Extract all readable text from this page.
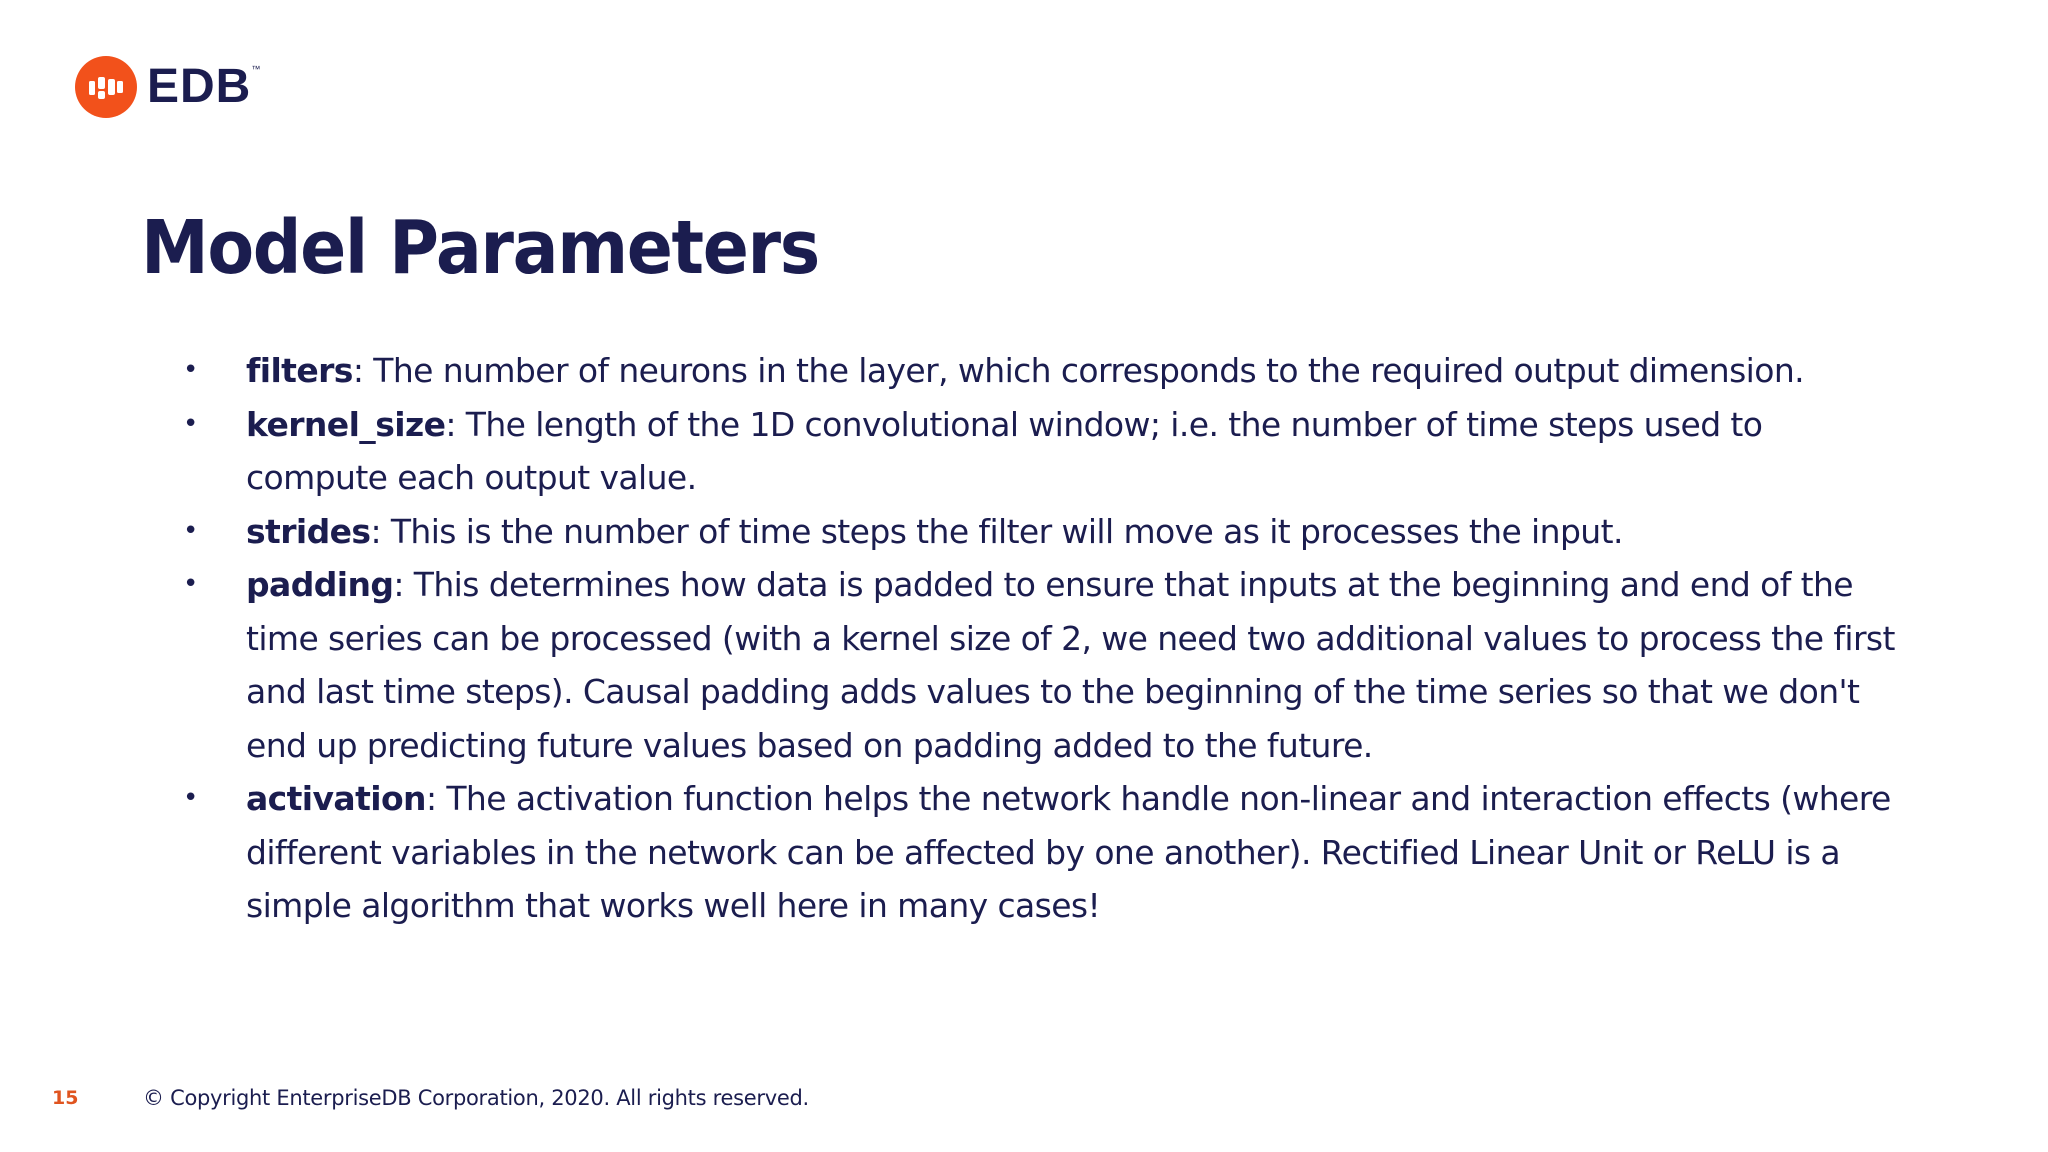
EDB ™
Model Parameters
• filters: The number of neurons in the layer, which corresponds to the required output dimension.
• kernel_size: The length of the 1D convolutional window; i.e. the number of time steps used to compute each output value.
• strides: This is the number of time steps the filter will move as it processes the input.
• padding: This determines how data is padded to ensure that inputs at the beginning and end of the time series can be processed (with a kernel size of 2, we need two additional values to process the first and last time steps). Causal padding adds values to the beginning of the time series so that we don't end up predicting future values based on padding added to the future.
• activation: The activation function helps the network handle non-linear and interaction effects (where different variables in the network can be affected by one another). Rectified Linear Unit or ReLU is a simple algorithm that works well here in many cases!
15	© Copyright EnterpriseDB Corporation, 2020. All rights reserved.
